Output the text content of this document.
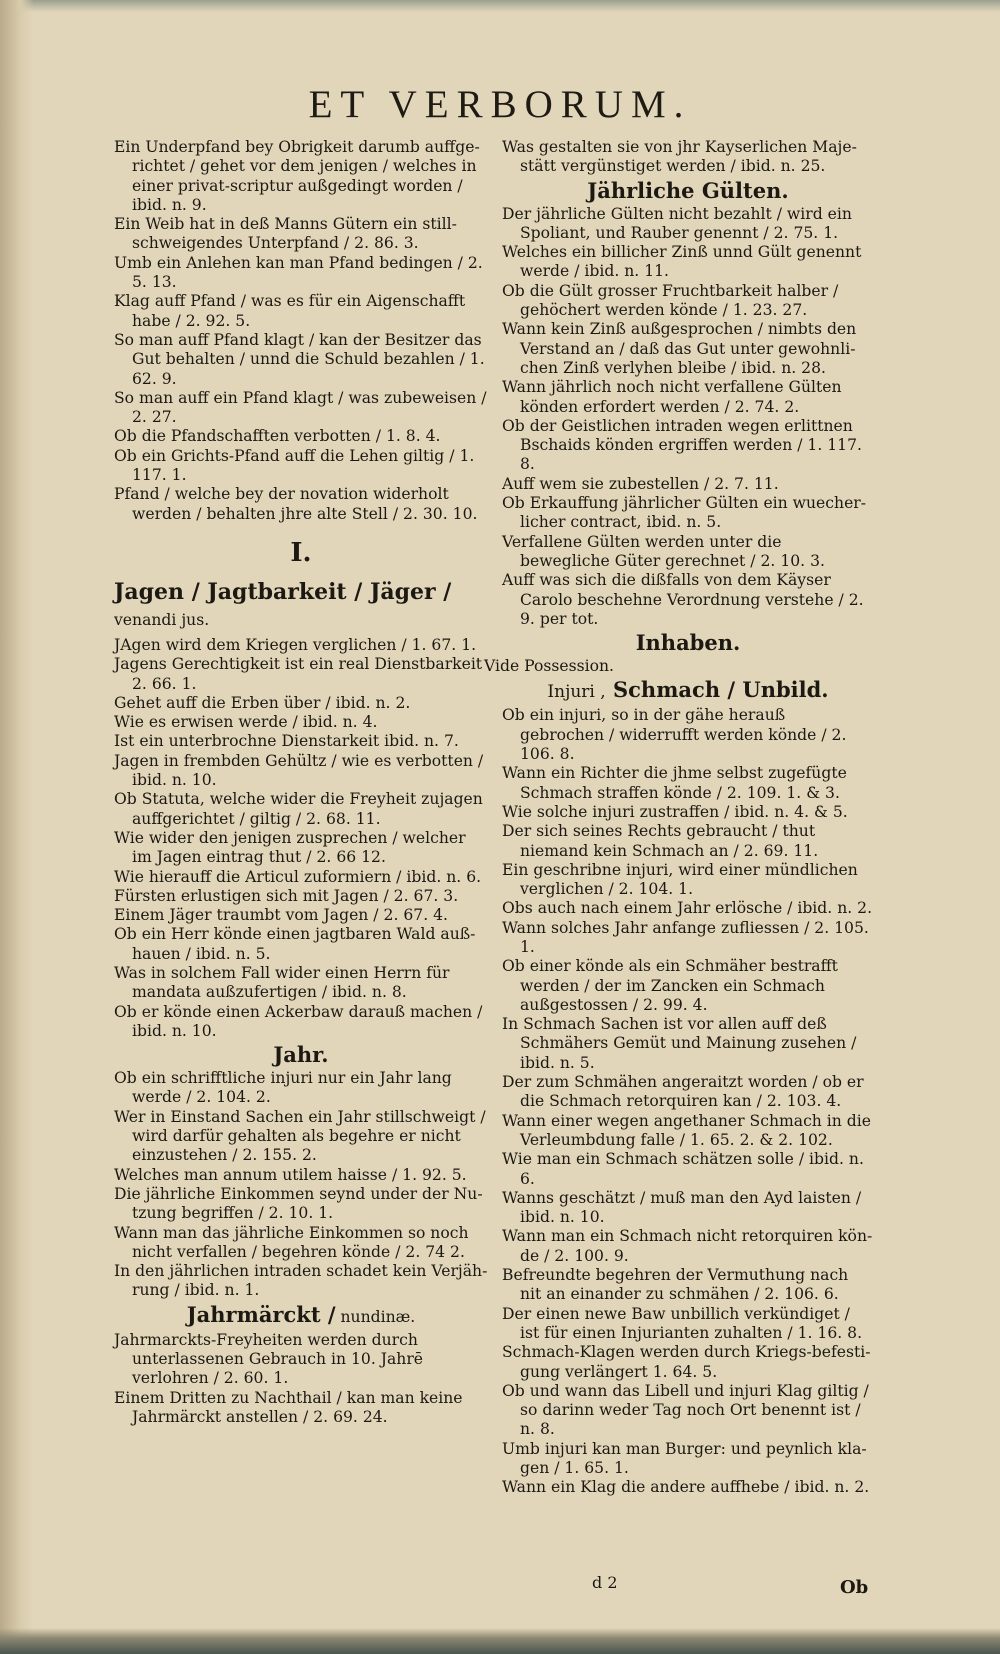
ET VERBORUM.
Ein Underpfand bey Obrigkeit darumb auffgerichtet / gehet vor dem jenigen / welches in einer privat-scriptur außgedingt worden / ibid. n. 9.
Ein Weib hat in deß Manns Gütern ein stillschweigendes Unterpfand / 2. 86. 3.
Umb ein Anlehen kan man Pfand bedingen / 2. 5. 13.
Klag auff Pfand / was es für ein Aigenschafft habe / 2. 92. 5.
So man auff Pfand klagt / kan der Besitzer das Gut behalten / unnd die Schuld bezahlen / 1. 62. 9.
So man auff ein Pfand klagt / was zubeweisen / 2. 27.
Ob die Pfandschafften verbotten / 1. 8. 4.
Ob ein Grichts-Pfand auff die Lehen giltig / 1. 117. 1.
Pfand / welche bey der novation widerholt werden / behalten jhre alte Stell / 2. 30. 10.
I.
Jagen / Jagtbarkeit / Jäger / venandi jus.
JAgen wird dem Kriegen verglichen / 1. 67. 1.
Jagens Gerechtigkeit ist ein real Dienstbarkeit 2. 66. 1.
Gehet auff die Erben über / ibid. n. 2.
Wie es erwisen werde / ibid. n. 4.
Ist ein unterbrochne Dienstarkeit ibid. n. 7.
Jagen in frembden Gehültz / wie es verbotten / ibid. n. 10.
Ob Statuta, welche wider die Freyheit zujagen auffgerichtet / giltig / 2. 68. 11.
Wie wider den jenigen zusprechen / welcher im Jagen eintrag thut / 2. 66 12.
Wie hierauff die Articul zuformiern / ibid. n. 6.
Fürsten erlustigen sich mit Jagen / 2. 67. 3.
Einem Jäger traumbt vom Jagen / 2. 67. 4.
Ob ein Herr könde einen jagtbaren Wald außhauen / ibid. n. 5.
Was in solchem Fall wider einen Herrn für mandata außzufertigen / ibid. n. 8.
Ob er könde einen Ackerbaw darauß machen / ibid. n. 10.
Jahr.
Ob ein schrifftliche injuri nur ein Jahr lang werde / 2. 104. 2.
Wer in Einstand Sachen ein Jahr stillschweigt / wird darfür gehalten als begehre er nicht einzustehen / 2. 155. 2.
Welches man annum utilem haisse / 1. 92. 5.
Die jährliche Einkommen seynd under der Nutzung begriffen / 2. 10. 1.
Wann man das jährliche Einkommen so noch nicht verfallen / begehren könde / 2. 74 2.
In den jährlichen intraden schadet kein Verjährung / ibid. n. 1.
Jahrmärckt / nundinæ.
Jahrmarckts-Freyheiten werden durch unterlassenen Gebrauch in 10. Jahrē verlohren / 2. 60. 1.
Einem Dritten zu Nachthail / kan man keine Jahrmärckt anstellen / 2. 69. 24.
Was gestalten sie von jhr Kayserlichen Majestätt vergünstiget werden / ibid. n. 25.
Jährliche Gülten.
Der jährliche Gülten nicht bezahlt / wird ein Spoliant, und Rauber genennt / 2. 75. 1.
Welches ein billicher Zinß unnd Gült genennt werde / ibid. n. 11.
Ob die Gült grosser Fruchtbarkeit halber / gehöchert werden könde / 1. 23. 27.
Wann kein Zinß außgesprochen / nimbts den Verstand an / daß das Gut unter gewohnlichen Zinß verlyhen bleibe / ibid. n. 28.
Wann jährlich noch nicht verfallene Gülten könden erfordert werden / 2. 74. 2.
Ob der Geistlichen intraden wegen erlittnen Bschaids könden ergriffen werden / 1. 117. 8.
Auff wem sie zubestellen / 2. 7. 11.
Ob Erkauffung jährlicher Gülten ein wuecherlicher contract, ibid. n. 5.
Verfallene Gülten werden unter die bewegliche Güter gerechnet / 2. 10. 3.
Auff was sich die dißfalls von dem Käyser Carolo beschehne Verordnung verstehe / 2. 9. per tot.
Inhaben.
Vide Possession.
Injuri , Schmach / Unbild.
Ob ein injuri, so in der gähe herauß gebrochen / widerrufft werden könde / 2. 106. 8.
Wann ein Richter die jhme selbst zugefügte Schmach straffen könde / 2. 109. 1. & 3.
Wie solche injuri zustraffen / ibid. n. 4. & 5.
Der sich seines Rechts gebraucht / thut niemand kein Schmach an / 2. 69. 11.
Ein geschribne injuri, wird einer mündlichen verglichen / 2. 104. 1.
Obs auch nach einem Jahr erlösche / ibid. n. 2.
Wann solches Jahr anfange zufliessen / 2. 105. 1.
Ob einer könde als ein Schmäher bestrafft werden / der im Zancken ein Schmach außgestossen / 2. 99. 4.
In Schmach Sachen ist vor allen auff deß Schmähers Gemüt und Mainung zusehen / ibid. n. 5.
Der zum Schmähen angeraitzt worden / ob er die Schmach retorquiren kan / 2. 103. 4.
Wann einer wegen angethaner Schmach in die Verleumbdung falle / 1. 65. 2. & 2. 102.
Wie man ein Schmach schätzen solle / ibid. n. 6.
Wanns geschätzt / muß man den Ayd laisten / ibid. n. 10.
Wann man ein Schmach nicht retorquiren könde / 2. 100. 9.
Befreundte begehren der Vermuthung nach nit an einander zu schmähen / 2. 106. 6.
Der einen newe Baw unbillich verkündiget / ist für einen Injurianten zuhalten / 1. 16. 8.
Schmach-Klagen werden durch Kriegs-befestigung verlängert 1. 64. 5.
Ob und wann das Libell und injuri Klag giltig / so darinn weder Tag noch Ort benennt ist / n. 8.
Umb injuri kan man Burger: und peynlich klagen / 1. 65. 1.
Wann ein Klag die andere auffhebe / ibid. n. 2.
d 2	Ob
